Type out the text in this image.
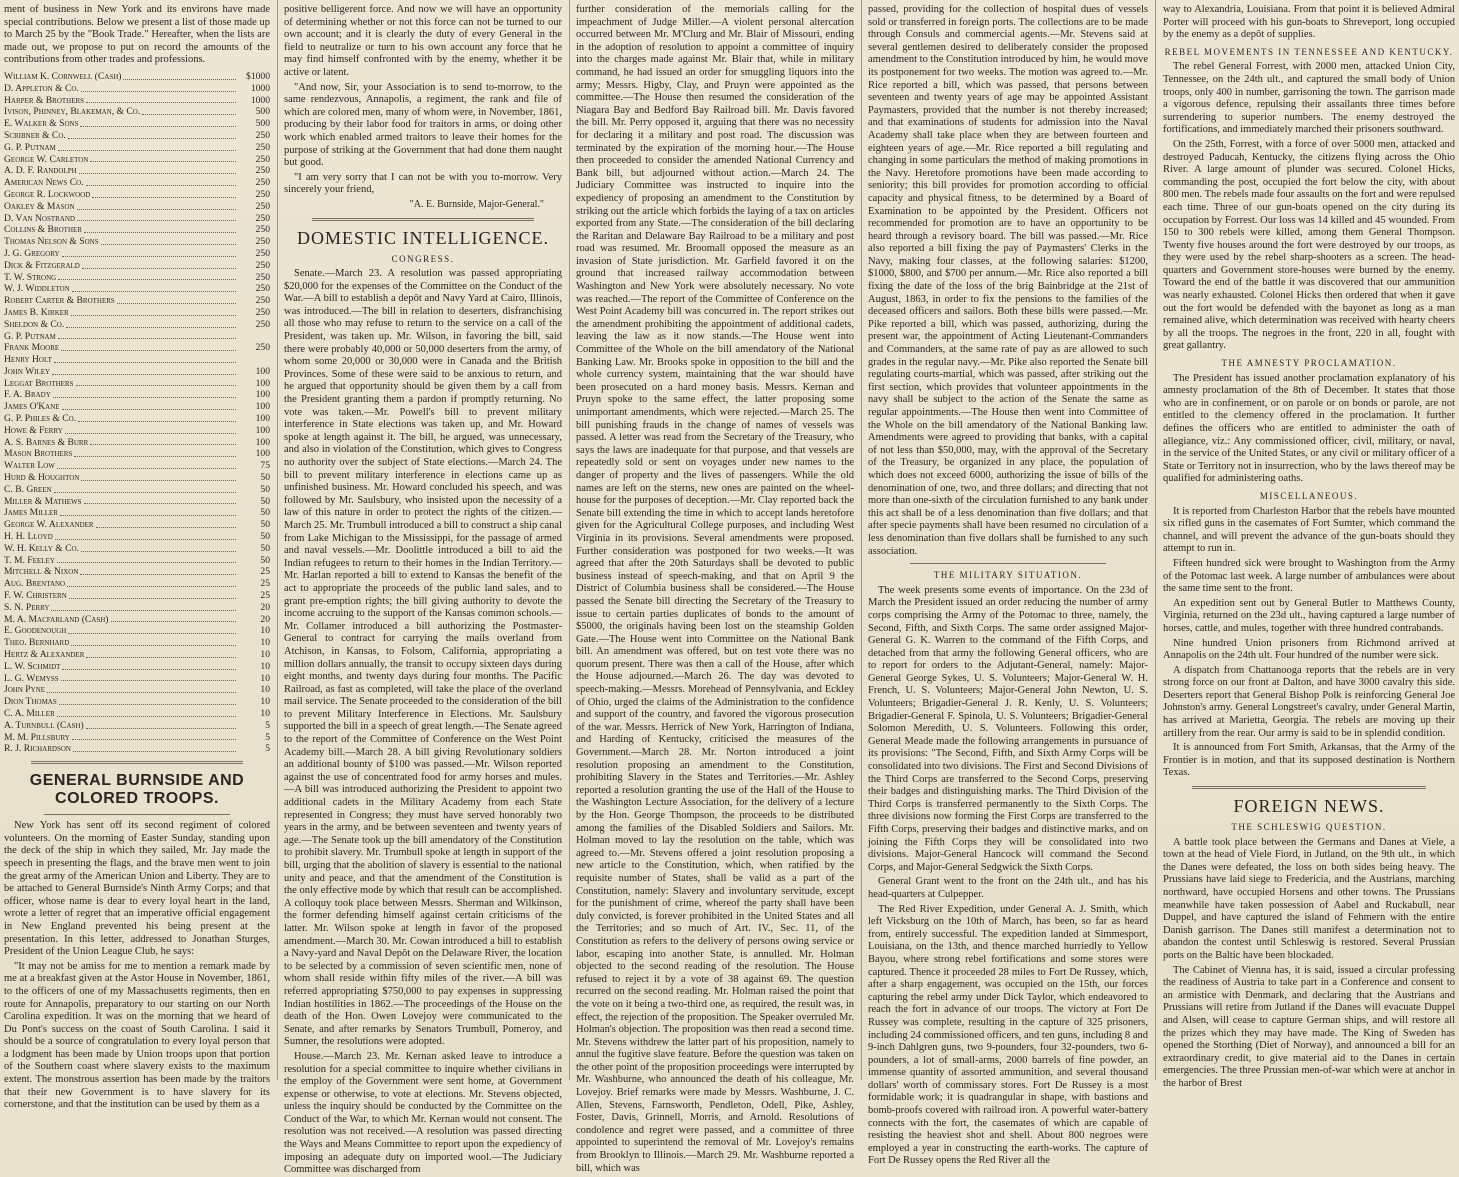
ment of business in New York and its environs have made special contributions. Below we present a list of those made up to March 25 by the "Book Trade." Hereafter, when the lists are made out, we propose to put on record the amounts of the contributions from other trades and professions.

William K. Cornwell (Cash)	$1000
D. Appleton & Co.	1000
Harper & Brothers	1000
Ivison, Phinney, Blakeman, & Co.	500
E. Walker & Sons	500
Scribner & Co.	250
G. P. Putnam	250
George W. Carleton	250
A. D. F. Randolph	250
American News Co.	250
George R. Lockwood	250
Oakley & Mason	250
D. Van Nostrand	250
Collins & Brother	250
Thomas Nelson & Sons	250
J. G. Gregory	250
Dick & Fitzgerald	250
T. W. Strong	250
W. J. Widdleton	250
Robert Carter & Brothers	250
James B. Kirker	250
Sheldon & Co.	250
G. P. Putnam
Frank Moore	250
Henry Holt
John Wiley	100
Leggat Brothers	100
F. A. Brady	100
James O'Kane	100
G. P. Philes & Co.	100
Howe & Ferry	100
A. S. Barnes & Burr	100
Mason Brothers	100
Walter Low	75
Hurd & Houghton	50
C. B. Green	50
Miller & Mathews	50
James Miller	50
George W. Alexander	50
H. H. Lloyd	50
W. H. Kelly & Co.	50
T. M. Feeley	50
Mitchell & Nixon	25
Aug. Brentano	25
F. W. Christern	25
S. N. Perry	20
M. A. Macfarland (Cash)	20
E. Goodenough	10
Theo. Bernhard	10
Hertz & Alexander	10
L. W. Schmidt	10
L. G. Wemyss	10
John Pyne	10
Dion Thomas	10
C. A. Miller	10
A. Turnbull (Cash)	5
M. M. Pillsbury	5
R. J. Richardson	5
GENERAL BURNSIDE AND COLORED TROOPS.

New York has sent off its second regiment of colored volunteers. On the morning of Easter Sunday, standing upon the deck of the ship in which they sailed, Mr. Jay made the speech in presenting the flags, and the brave men went to join the great army of the American Union and Liberty. They are to be attached to General Burnside's Ninth Army Corps; and that officer, whose name is dear to every loyal heart in the land, wrote a letter of regret that an imperative official engagement in New England prevented his being present at the presentation. In this letter, addressed to Jonathan Sturges, President of the Union League Club, he says:

"It may not be amiss for me to mention a remark made by me at a breakfast given at the Astor House in November, 1861, to the officers of one of my Massachusetts regiments, then en route for Annapolis, preparatory to our starting on our North Carolina expedition. It was on the morning that we heard of Du Pont's success on the coast of South Carolina. I said it should be a source of congratulation to every loyal person that a lodgment has been made by Union troops upon that portion of the Southern coast where slavery exists to the maximum extent. The monstrous assertion has been made by the traitors that their new Government is to have slavery for its cornerstone, and that the institution can be used by them as a

positive belligerent force. And now we will have an opportunity of determining whether or not this force can not be turned to our own account; and it is clearly the duty of every General in the field to neutralize or turn to his own account any force that he may find himself confronted with by the enemy, whether it be active or latent.

"And now, Sir, your Association is to send to-morrow, to the same rendezvous, Annapolis, a regiment, the rank and file of which are colored men, many of whom were, in November, 1861, producing by their labor food for traitors in arms, or doing other work which enabled armed traitors to leave their homes for the purpose of striking at the Government that had done them naught but good.

"I am very sorry that I can not be with you to-morrow. Very sincerely your friend,

"A. E. Burnside, Major-General."
DOMESTIC INTELLIGENCE.
CONGRESS.

Senate.—March 23. A resolution was passed appropriating $20,000 for the expenses of the Committee on the Conduct of the War.—A bill to establish a depôt and Navy Yard at Cairo, Illinois, was introduced.—The bill in relation to deserters, disfranchising all those who may refuse to return to the service on a call of the President, was taken up. Mr. Wilson, in favoring the bill, said there were probably 40,000 or 50,000 deserters from the army, of whom some 20,000 or 30,000 were in Canada and the British Provinces. Some of these were said to be anxious to return, and he argued that opportunity should be given them by a call from the President granting them a pardon if promptly returning. No vote was taken.—Mr. Powell's bill to prevent military interference in State elections was taken up, and Mr. Howard spoke at length against it. The bill, he argued, was unnecessary, and also in violation of the Constitution, which gives to Congress no authority over the subject of State elections.—March 24. The bill to prevent military interference in elections came up as unfinished business. Mr. Howard concluded his speech, and was followed by Mr. Saulsbury, who insisted upon the necessity of a law of this nature in order to protect the rights of the citizen.—March 25. Mr. Trumbull introduced a bill to construct a ship canal from Lake Michigan to the Mississippi, for the passage of armed and naval vessels.—Mr. Doolittle introduced a bill to aid the Indian refugees to return to their homes in the Indian Territory.—Mr. Harlan reported a bill to extend to Kansas the benefit of the act to appropriate the proceeds of the public land sales, and to grant pre-emption rights; the bill giving authority to devote the income accruing to the support of the Kansas common schools.—Mr. Collamer introduced a bill authorizing the Postmaster-General to contract for carrying the mails overland from Atchison, in Kansas, to Folsom, California, appropriating a million dollars annually, the transit to occupy sixteen days during eight months, and twenty days during four months. The Pacific Railroad, as fast as completed, will take the place of the overland mail service. The Senate proceeded to the consideration of the bill to prevent Military Interference in Elections. Mr. Saulsbury supported the bill in a speech of great length.—The Senate agreed to the report of the Committee of Conference on the West Point Academy bill.—March 28. A bill giving Revolutionary soldiers an additional bounty of $100 was passed.—Mr. Wilson reported against the use of concentrated food for army horses and mules.—A bill was introduced authorizing the President to appoint two additional cadets in the Military Academy from each State represented in Congress; they must have served honorably two years in the army, and be between seventeen and twenty years of age.—The Senate took up the bill amendatory of the Constitution to prohibit slavery. Mr. Trumbull spoke at length in support of the bill, urging that the abolition of slavery is essential to the national unity and peace, and that the amendment of the Constitution is the only effective mode by which that result can be accomplished. A colloquy took place between Messrs. Sherman and Wilkinson, the former defending himself against certain criticisms of the latter. Mr. Wilson spoke at length in favor of the proposed amendment.—March 30. Mr. Cowan introduced a bill to establish a Navy-yard and Naval Depôt on the Delaware River, the location to be selected by a commission of seven scientific men, none of whom shall reside within fifty miles of the river.—A bill was referred appropriating $750,000 to pay expenses in suppressing Indian hostilities in 1862.—The proceedings of the House on the death of the Hon. Owen Lovejoy were communicated to the Senate, and after remarks by Senators Trumbull, Pomeroy, and Sumner, the resolutions were adopted.

House.—March 23. Mr. Kernan asked leave to introduce a resolution for a special committee to inquire whether civilians in the employ of the Government were sent home, at Government expense or otherwise, to vote at elections. Mr. Stevens objected, unless the inquiry should be conducted by the Committee on the Conduct of the War, to which Mr. Kernan would not consent. The resolution was not received.—A resolution was passed directing the Ways and Means Committee to report upon the expediency of imposing an adequate duty on imported wool.—The Judiciary Committee was discharged from

further consideration of the memorials calling for the impeachment of Judge Miller.—A violent personal altercation occurred between Mr. M'Clurg and Mr. Blair of Missouri, ending in the adoption of resolution to appoint a committee of inquiry into the charges made against Mr. Blair that, while in military command, he had issued an order for smuggling liquors into the army; Messrs. Higby, Clay, and Pruyn were appointed as the committee.—The House then resumed the consideration of the Niagara Bay and Bedford Bay Railroad bill. Mr. Davis favored the bill. Mr. Perry opposed it, arguing that there was no necessity for declaring it a military and post road. The discussion was terminated by the expiration of the morning hour.—The House then proceeded to consider the amended National Currency and Bank bill, but adjourned without action.—March 24. The Judiciary Committee was instructed to inquire into the expediency of proposing an amendment to the Constitution by striking out the article which forbids the laying of a tax on articles exported from any State.—The consideration of the bill declaring the Raritan and Delaware Bay Railroad to be a military and post road was resumed. Mr. Broomall opposed the measure as an invasion of State jurisdiction. Mr. Garfield favored it on the ground that increased railway accommodation between Washington and New York were absolutely necessary. No vote was reached.—The report of the Committee of Conference on the West Point Academy bill was concurred in. The report strikes out the amendment prohibiting the appointment of additional cadets, leaving the law as it now stands.—The House went into Committee of the Whole on the bill amendatory of the National Banking Law. Mr. Brooks spoke in opposition to the bill and the whole currency system, maintaining that the war should have been prosecuted on a hard money basis. Messrs. Kernan and Pruyn spoke to the same effect, the latter proposing some unimportant amendments, which were rejected.—March 25. The bill punishing frauds in the change of names of vessels was passed. A letter was read from the Secretary of the Treasury, who says the laws are inadequate for that purpose, and that vessels are repeatedly sold or sent on voyages under new names to the danger of property and the lives of passengers. While the old names are left on the sterns, new ones are painted on the wheel-house for the purposes of deception.—Mr. Clay reported back the Senate bill extending the time in which to accept lands heretofore given for the Agricultural College purposes, and including West Virginia in its provisions. Several amendments were proposed. Further consideration was postponed for two weeks.—It was agreed that after the 20th Saturdays shall be devoted to public business instead of speech-making, and that on April 9 the District of Columbia business shall be considered.—The House passed the Senate bill directing the Secretary of the Treasury to issue to certain parties duplicates of bonds to the amount of $5000, the originals having been lost on the steamship Golden Gate.—The House went into Committee on the National Bank bill. An amendment was offered, but on test vote there was no quorum present. There was then a call of the House, after which the House adjourned.—March 26. The day was devoted to speech-making.—Messrs. Morehead of Pennsylvania, and Eckley of Ohio, urged the claims of the Administration to the confidence and support of the country, and favored the vigorous prosecution of the war. Messrs. Herrick of New York, Harrington of Indiana, and Harding of Kentucky, criticised the measures of the Government.—March 28. Mr. Norton introduced a joint resolution proposing an amendment to the Constitution, prohibiting Slavery in the States and Territories.—Mr. Ashley reported a resolution granting the use of the Hall of the House to the Washington Lecture Association, for the delivery of a lecture by the Hon. George Thompson, the proceeds to be distributed among the families of the Disabled Soldiers and Sailors. Mr. Holman moved to lay the resolution on the table, which was agreed to.—Mr. Stevens offered a joint resolution proposing a new article to the Constitution, which, when ratified by the requisite number of States, shall be valid as a part of the Constitution, namely: Slavery and involuntary servitude, except for the punishment of crime, whereof the party shall have been duly convicted, is forever prohibited in the United States and all the Territories; and so much of Art. IV., Sec. 11, of the Constitution as refers to the delivery of persons owing service or labor, escaping into another State, is annulled. Mr. Holman objected to the second reading of the resolution. The House refused to reject it by a vote of 38 against 69. The question recurred on the second reading. Mr. Holman raised the point that the vote on it being a two-third one, as required, the result was, in effect, the rejection of the proposition. The Speaker overruled Mr. Holman's objection. The proposition was then read a second time. Mr. Stevens withdrew the latter part of his proposition, namely to annul the fugitive slave feature. Before the question was taken on the other point of the proposition proceedings were interrupted by Mr. Washburne, who announced the death of his colleague, Mr. Lovejoy. Brief remarks were made by Messrs. Washburne, J. C. Allen, Stevens, Farnsworth, Pendleton, Odell, Pike, Ashley, Foster, Davis, Grinnell, Morris, and Arnold. Resolutions of condolence and regret were passed, and a committee of three appointed to superintend the removal of Mr. Lovejoy's remains from Brooklyn to Illinois.—March 29. Mr. Washburne reported a bill, which was

passed, providing for the collection of hospital dues of vessels sold or transferred in foreign ports. The collections are to be made through Consuls and commercial agents.—Mr. Stevens said at several gentlemen desired to deliberately consider the proposed amendment to the Constitution introduced by him, he would move its postponement for two weeks. The motion was agreed to.—Mr. Rice reported a bill, which was passed, that persons between seventeen and twenty years of age may be appointed Assistant Paymasters, provided that the number is not thereby increased; and that examinations of students for admission into the Naval Academy shall take place when they are between fourteen and eighteen years of age.—Mr. Rice reported a bill regulating and changing in some particulars the method of making promotions in the Navy. Heretofore promotions have been made according to seniority; this bill provides for promotion according to official capacity and physical fitness, to be determined by a Board of Examination to be appointed by the President. Officers not recommended for promotion are to have an opportunity to be heard through a revisory board. The bill was passed.—Mr. Rice also reported a bill fixing the pay of Paymasters' Clerks in the Navy, making four classes, at the following salaries: $1200, $1000, $800, and $700 per annum.—Mr. Rice also reported a bill fixing the date of the loss of the brig Bainbridge at the 21st of August, 1863, in order to fix the pensions to the families of the deceased officers and sailors. Both these bills were passed.—Mr. Pike reported a bill, which was passed, authorizing, during the present war, the appointment of Acting Lieutenant-Commanders and Commanders, at the same rate of pay as are allowed to such grades in the regular navy.—Mr. Pike also reported the Senate bill regulating courts-martial, which was passed, after striking out the first section, which provides that volunteer appointments in the navy shall be subject to the action of the Senate the same as regular appointments.—The House then went into Committee of the Whole on the bill amendatory of the National Banking law. Amendments were agreed to providing that banks, with a capital of not less than $50,000, may, with the approval of the Secretary of the Treasury, be organized in any place, the population of which does not exceed 6000, authorizing the issue of bills of the denomination of one, two, and three dollars; and directing that not more than one-sixth of the circulation furnished to any bank under this act shall be of a less denomination than five dollars; and that after specie payments shall have been resumed no circulation of a less denomination than five dollars shall be furnished to any such association.

THE MILITARY SITUATION.

The week presents some events of importance. On the 23d of March the President issued an order reducing the number of army corps comprising the Army of the Potomac to three, namely, the Second, Fifth, and Sixth Corps. The same order assigned Major-General G. K. Warren to the command of the Fifth Corps, and detached from that army the following General officers, who are to report for orders to the Adjutant-General, namely: Major-General George Sykes, U. S. Volunteers; Major-General W. H. French, U. S. Volunteers; Major-General John Newton, U. S. Volunteers; Brigadier-General J. R. Kenly, U. S. Volunteers; Brigadier-General F. Spinola, U. S. Volunteers; Brigadier-General Solomon Meredith, U. S. Volunteers. Following this order, General Meade made the following arrangements in pursuance of its provisions: "The Second, Fifth, and Sixth Army Corps will be consolidated into two divisions. The First and Second Divisions of the Third Corps are transferred to the Second Corps, preserving their badges and distinguishing marks. The Third Division of the Third Corps is transferred permanently to the Sixth Corps. The three divisions now forming the First Corps are transferred to the Fifth Corps, preserving their badges and distinctive marks, and on joining the Fifth Corps they will be consolidated into two divisions. Major-General Hancock will command the Second Corps, and Major-General Sedgwick the Sixth Corps.

General Grant went to the front on the 24th ult., and has his head-quarters at Culpepper.

The Red River Expedition, under General A. J. Smith, which left Vicksburg on the 10th of March, has been, so far as heard from, entirely successful. The expedition landed at Simmesport, Louisiana, on the 13th, and thence marched hurriedly to Yellow Bayou, where strong rebel fortifications and some stores were captured. Thence it proceeded 28 miles to Fort De Russey, which, after a sharp engagement, was occupied on the 15th, our forces capturing the rebel army under Dick Taylor, which endeavored to reach the fort in advance of our troops. The victory at Fort De Russey was complete, resulting in the capture of 325 prisoners, including 24 commissioned officers, and ten guns, including 8 and 9-inch Dahlgren guns, two 9-pounders, four 32-pounders, two 6-pounders, a lot of small-arms, 2000 barrels of fine powder, an immense quantity of assorted ammunition, and several thousand dollars' worth of commissary stores. Fort De Russey is a most formidable work; it is quadrangular in shape, with bastions and bomb-proofs covered with railroad iron. A powerful water-battery connects with the fort, the casemates of which are capable of resisting the heaviest shot and shell. About 800 negroes were employed a year in constructing the earth-works. The capture of Fort De Russey opens the Red River all the

way to Alexandria, Louisiana. From that point it is believed Admiral Porter will proceed with his gun-boats to Shreveport, long occupied by the enemy as a depôt of supplies.

REBEL MOVEMENTS IN TENNESSEE AND KENTUCKY.

The rebel General Forrest, with 2000 men, attacked Union City, Tennessee, on the 24th ult., and captured the small body of Union troops, only 400 in number, garrisoning the town. The garrison made a vigorous defence, repulsing their assailants three times before surrendering to superior numbers. The enemy destroyed the fortifications, and immediately marched their prisoners southward.

On the 25th, Forrest, with a force of over 5000 men, attacked and destroyed Paducah, Kentucky, the citizens flying across the Ohio River. A large amount of plunder was secured. Colonel Hicks, commanding the post, occupied the fort below the city, with about 800 men. The rebels made four assaults on the fort and were repulsed each time. Three of our gun-boats opened on the city during its occupation by Forrest. Our loss was 14 killed and 45 wounded. From 150 to 300 rebels were killed, among them General Thompson. Twenty five houses around the fort were destroyed by our troops, as they were used by the rebel sharp-shooters as a screen. The head-quarters and Government store-houses were burned by the enemy. Toward the end of the battle it was discovered that our ammunition was nearly exhausted. Colonel Hicks then ordered that when it gave out the fort would be defended with the bayonet as long as a man remained alive, which determination was received with hearty cheers by all the troops. The negroes in the front, 220 in all, fought with great gallantry.

THE AMNESTY PROCLAMATION.

The President has issued another proclamation explanatory of his amnesty proclamation of the 8th of December. It states that those who are in confinement, or on parole or on bonds or parole, are not entitled to the clemency offered in the proclamation. It further defines the officers who are entitled to administer the oath of allegiance, viz.: Any commissioned officer, civil, military, or naval, in the service of the United States, or any civil or military officer of a State or Territory not in insurrection, who by the laws thereof may be qualified for administering oaths.

MISCELLANEOUS.

It is reported from Charleston Harbor that the rebels have mounted six rifled guns in the casemates of Fort Sumter, which command the channel, and will prevent the advance of the gun-boats should they attempt to run in.

Fifteen hundred sick were brought to Washington from the Army of the Potomac last week. A large number of ambulances were about the same time sent to the front.

An expedition sent out by General Butler to Matthews County, Virginia, returned on the 23d ult., having captured a large number of horses, cattle, and mules, together with three hundred contrabands.

Nine hundred Union prisoners from Richmond arrived at Annapolis on the 24th ult. Four hundred of the number were sick.

A dispatch from Chattanooga reports that the rebels are in very strong force on our front at Dalton, and have 3000 cavalry this side. Deserters report that General Bishop Polk is reinforcing General Joe Johnston's army. General Longstreet's cavalry, under General Martin, has arrived at Marietta, Georgia. The rebels are moving up their artillery from the rear. Our army is said to be in splendid condition.

It is announced from Fort Smith, Arkansas, that the Army of the Frontier is in motion, and that its supposed destination is Northern Texas.

FOREIGN NEWS.
THE SCHLESWIG QUESTION.

A battle took place between the Germans and Danes at Viele, a town at the head of Viele Fiord, in Jutland, on the 9th ult., in which the Danes were defeated, the loss on both sides being heavy. The Prussians have laid siege to Fredericia, and the Austrians, marching northward, have occupied Horsens and other towns. The Prussians meanwhile have taken possession of Aabel and Ruckabull, near Duppel, and have captured the island of Fehmern with the entire Danish garrison. The Danes still manifest a determination not to abandon the contest until Schleswig is restored. Several Prussian ports on the Baltic have been blockaded.

The Cabinet of Vienna has, it is said, issued a circular professing the readiness of Austria to take part in a Conference and consent to an armistice with Denmark, and declaring that the Austrians and Prussians will retire from Jutland if the Danes will evacuate Duppel and Alsen, will cease to capture German ships, and will restore all the prizes which they may have made. The King of Sweden has opened the Storthing (Diet of Norway), and announced a bill for an extraordinary credit, to give material aid to the Danes in certain emergencies. The three Prussian men-of-war which were at anchor in the harbor of Brest
